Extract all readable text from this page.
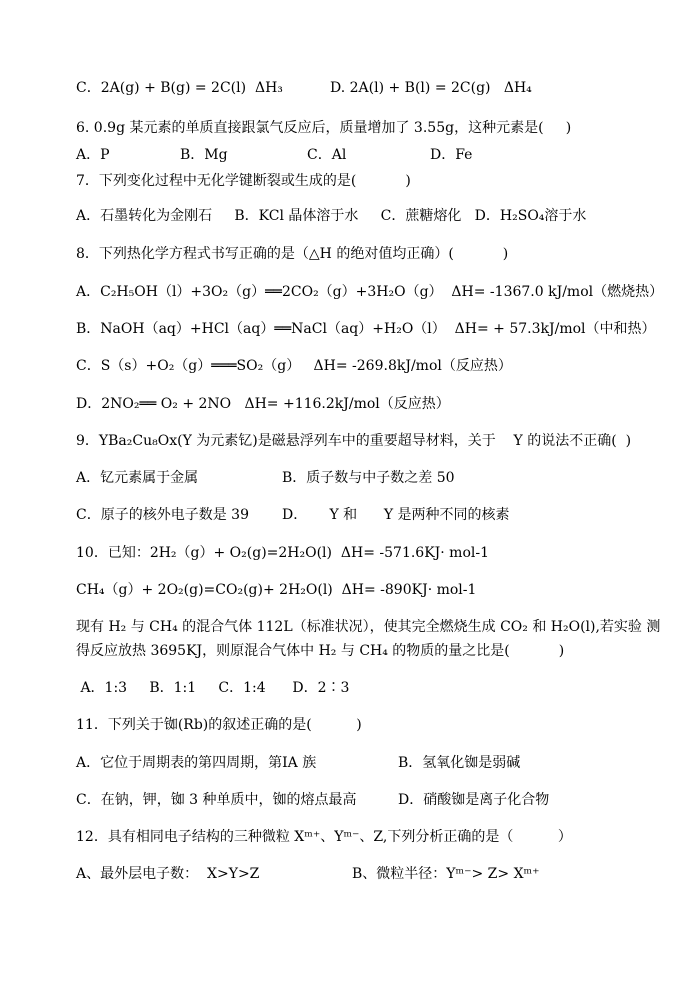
C．2A(g) + B(g) = 2C(l)  ΔH₃	D. 2A(l) + B(l) = 2C(g)   ΔH₄
6. 0.9g 某元素的单质直接跟氯气反应后，质量增加了 3.55g，这种元素是(     )
A．P	B．Mg	C．Al	D．Fe
7．下列变化过程中无化学键断裂或生成的是(           )
A．石墨转化为金刚石     B．KCl 晶体溶于水     C．蔗糖熔化   D．H₂SO₄溶于水
8．下列热化学方程式书写正确的是（△H 的绝对值均正确）(           )
A．C₂H₅OH（l）+3O₂（g）══2CO₂（g）+3H₂O（g）  ΔH= -1367.0 kJ/mol（燃烧热）
B．NaOH（aq）+HCl（aq）══NaCl（aq）+H₂O（l）  ΔH= + 57.3kJ/mol（中和热）
C．S（s）+O₂（g）═══SO₂（g）   ΔH= -269.8kJ/mol（反应热）
D．2NO₂══ O₂ + 2NO   ΔH= +116.2kJ/mol（反应热）
9．YBa₂Cu₈Ox(Y 为元素钇)是磁悬浮列车中的重要超导材料，关于    Y 的说法不正确(  )
A．钇元素属于金属	B．质子数与中子数之差 50
C．原子的核外电子数是 39 D．     Y 和      Y 是两种不同的核素
10．已知：2H₂（g）+ O₂(g)=2H₂O(l)  ΔH= -571.6KJ· mol-1
CH₄（g）+ 2O₂(g)=CO₂(g)+ 2H₂O(l)  ΔH= -890KJ· mol-1
现有 H₂ 与 CH₄ 的混合气体 112L（标准状况），使其完全燃烧生成 CO₂ 和 H₂O(l),若实验 测
得反应放热 3695KJ，则原混合气体中 H₂ 与 CH₄ 的物质的量之比是(           )
A．1:3     B．1:1     C．1:4      D．2∶3
11．下列关于铷(Rb)的叙述正确的是(          )
A．它位于周期表的第四周期，第ⅠA 族	B．氢氧化铷是弱碱
C．在钠，钾，铷 3 种单质中，铷的熔点最高	D．硝酸铷是离子化合物
12．具有相同电子结构的三种微粒 Xᵐ⁺、Yᵐ⁻、Z,下列分析正确的是（          ）
A、最外层电子数：  X>Y>Z	B、微粒半径：Yᵐ⁻> Z> Xᵐ⁺
